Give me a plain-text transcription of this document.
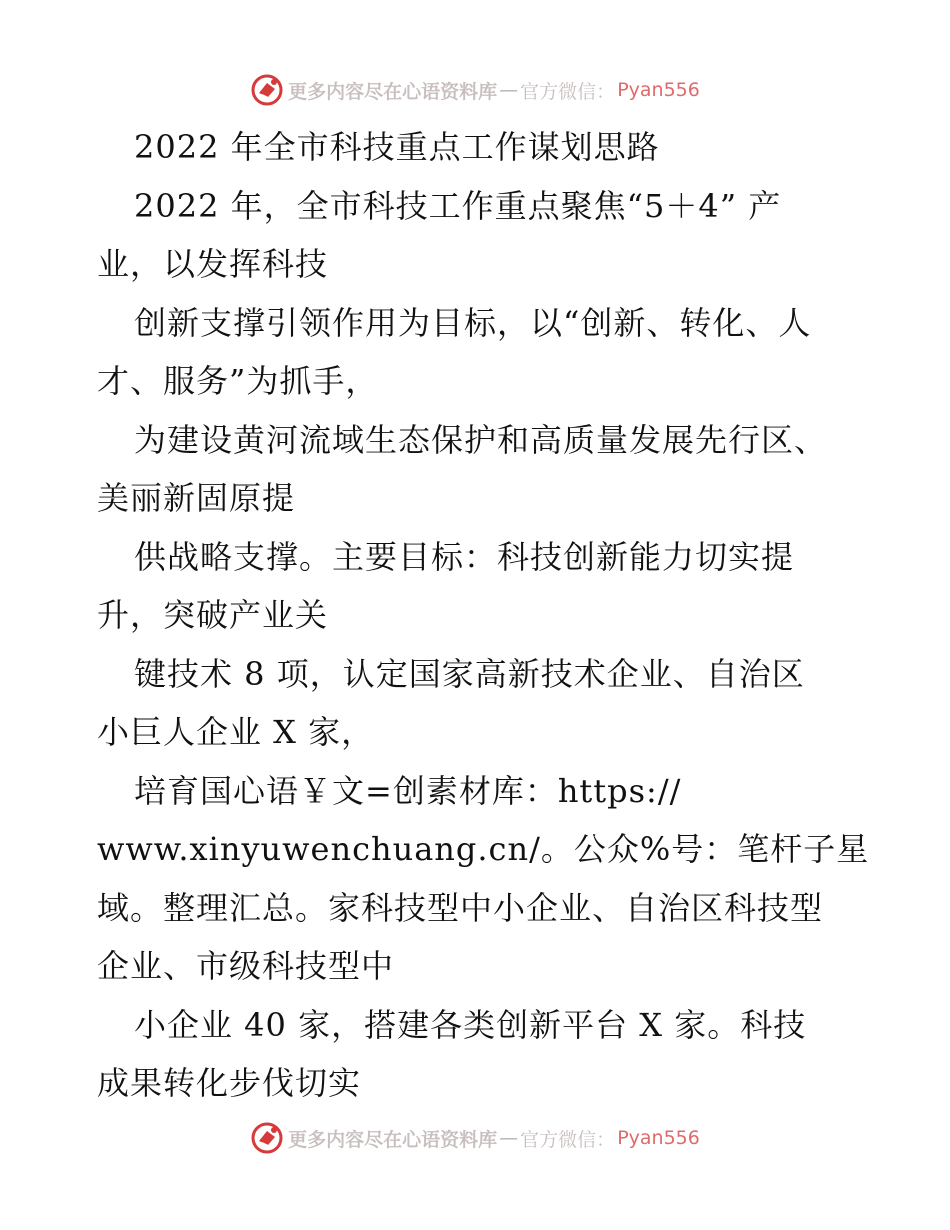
更多内容尽在心语资料库 — 官方微信： Pyan556
2022 年全市科技重点工作谋划思路
2022 年，全市科技工作重点聚焦“5＋4” 产
业，以发挥科技
创新支撑引领作用为目标，以“创新、转化、人
才、服务”为抓手，
为建设黄河流域生态保护和高质量发展先行区、
美丽新固原提
供战略支撑。主要目标：科技创新能力切实提
升，突破产业关
键技术 8 项，认定国家高新技术企业、自治区
小巨人企业 X 家，
培育国心语￥文=创素材库：https://
www.xinyuwenchuang.cn/。公众%号：笔杆子星
域。整理汇总。家科技型中小企业、自治区科技型
企业、市级科技型中
小企业 40 家，搭建各类创新平台 X 家。科技
成果转化步伐切实
更多内容尽在心语资料库 — 官方微信： Pyan556
